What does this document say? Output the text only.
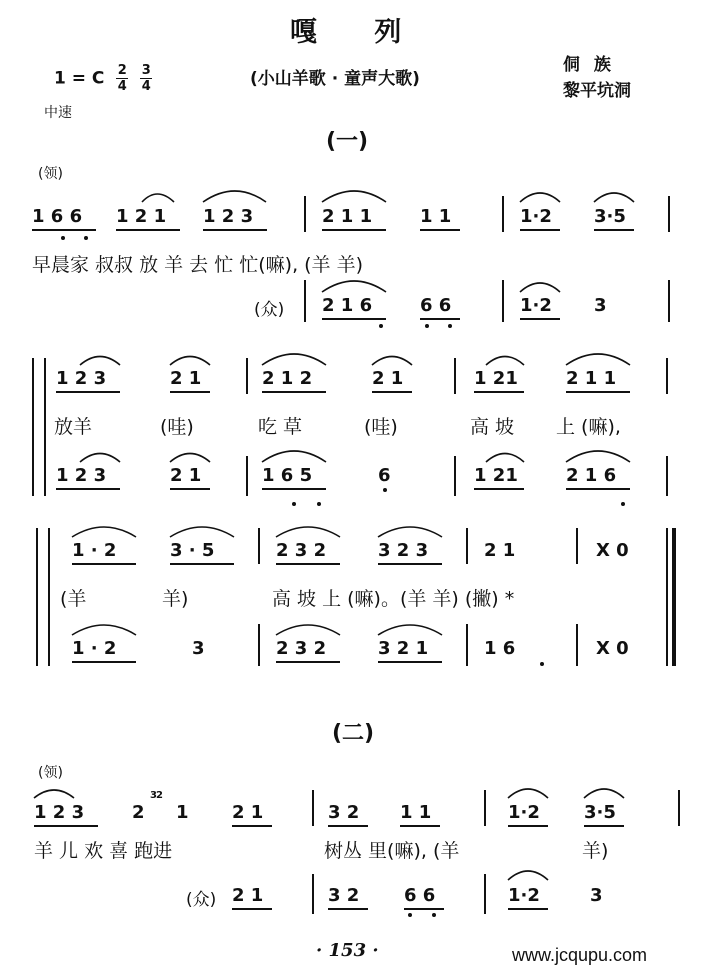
嘎 列
1 = C $\frac{2}{4}$
$\frac{3}{4}$	(小山羊歌 · 童声大歌)
侗 族
黎平坑洞
中速
(一)
(领)
1 6 6 1 2 1 1 2 3	2 1 1	1 1	1·2 3·5
早晨家 叔叔 放 羊 去 忙 忙(嘛), (羊 羊)
(众) 2 1 6	6 6	1·2 3
1 2 3	2 1	2 1 2	2 1	1 21	2 1 1
放羊	(哇)	吃 草	(哇)	高 坡 上 (嘛),
1 2 3	2 1	1 6 5	6	1 21	2 1 6
1 · 2	3 · 5	2 3 2	3 2 3	2 1	X 0
(羊	羊)	高 坡 上 (嘛)。(羊 羊) (撇) *
1 · 2	3	2 3 2	3 2 1	1 6	X 0
(二)
(领)
1 2 3	2
32
1 2 1	3 2 1 1	1·2 3·5
羊 儿 欢 喜 跑进	树丛 里(嘛), (羊	羊)
(众) 2 1	3 2 6 6	1·2	3
· 153 ·	www.jcqupu.com
